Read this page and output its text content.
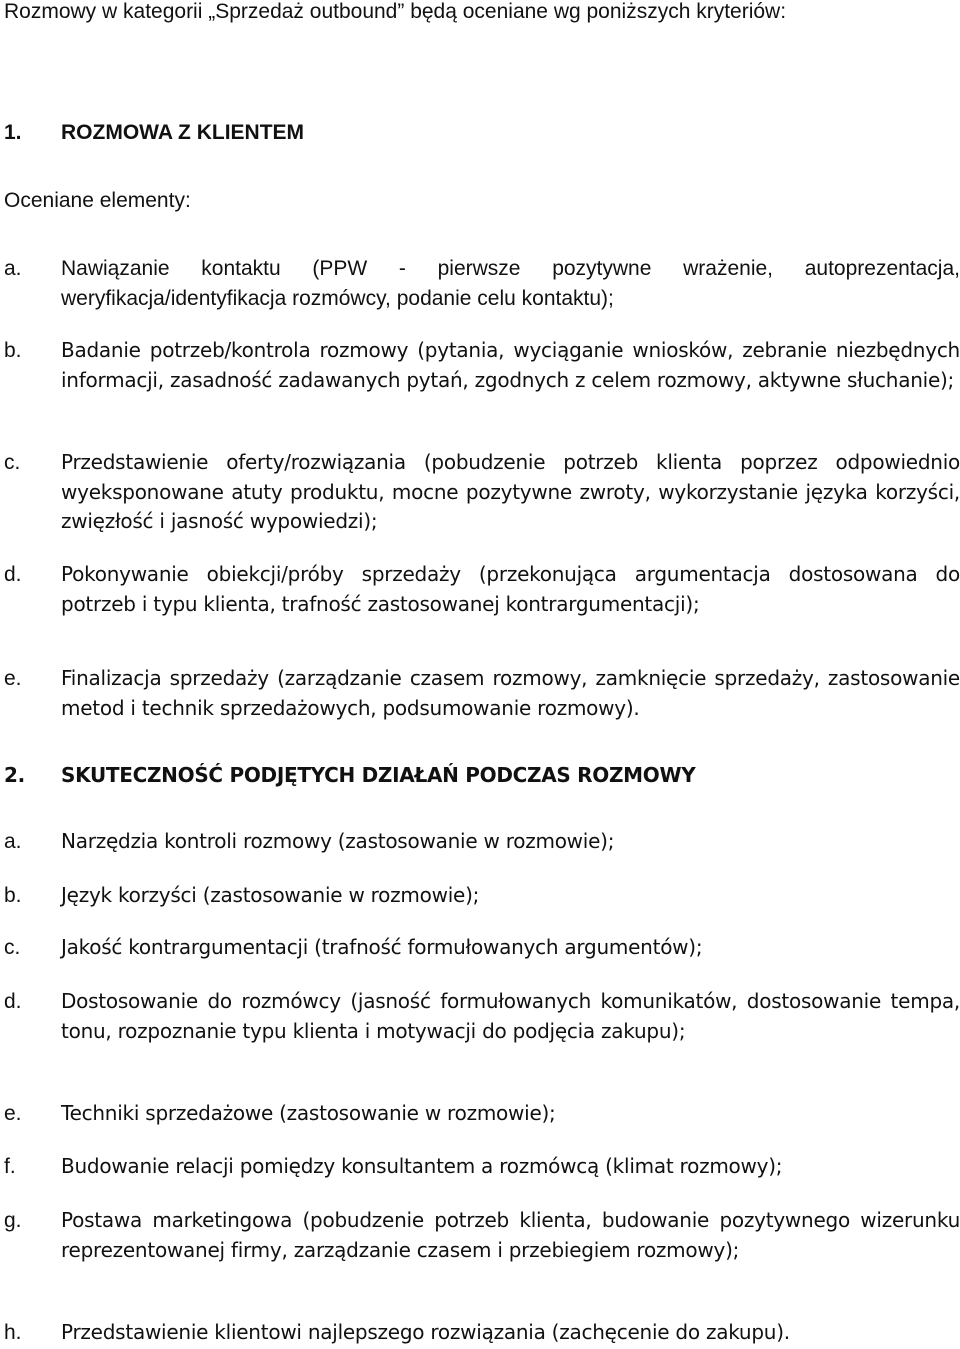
Rozmowy w kategorii „Sprzedaż outbound” będą oceniane wg poniższych kryteriów:

1. ROZMOWA Z KLIENTEM

Oceniane elementy:

a.	Nawiązanie kontaktu (PPW - pierwsze pozytywne wrażenie, autoprezentacja, weryfikacja/identyfikacja rozmówcy, podanie celu kontaktu);
b.	Badanie potrzeb/kontrola rozmowy (pytania, wyciąganie wniosków, zebranie niezbędnych informacji, zasadność zadawanych pytań, zgodnych z celem rozmowy, aktywne słuchanie);
c.	Przedstawienie oferty/rozwiązania (pobudzenie potrzeb klienta poprzez odpowiednio wyeksponowane atuty produktu, mocne pozytywne zwroty, wykorzystanie języka korzyści, zwięzłość i jasność wypowiedzi);
d.	Pokonywanie obiekcji/próby sprzedaży (przekonująca argumentacja dostosowana do potrzeb i typu klienta, trafność zastosowanej kontrargumentacji);
e.	Finalizacja sprzedaży (zarządzanie czasem rozmowy, zamknięcie sprzedaży, zastosowanie metod i technik sprzedażowych, podsumowanie rozmowy).
2. SKUTECZNOŚĆ PODJĘTYCH DZIAŁAŃ PODCZAS ROZMOWY
a.	Narzędzia kontroli rozmowy (zastosowanie w rozmowie);
b.	Język korzyści (zastosowanie w rozmowie);
c.	Jakość kontrargumentacji (trafność formułowanych argumentów);
d.	Dostosowanie do rozmówcy (jasność formułowanych komunikatów, dostosowanie tempa, tonu, rozpoznanie typu klienta i motywacji do podjęcia zakupu);
e.	Techniki sprzedażowe (zastosowanie w rozmowie);
f.	Budowanie relacji pomiędzy konsultantem a rozmówcą (klimat rozmowy);
g.	Postawa marketingowa (pobudzenie potrzeb klienta, budowanie pozytywnego wizerunku reprezentowanej firmy, zarządzanie czasem i przebiegiem rozmowy);
h.	Przedstawienie klientowi najlepszego rozwiązania (zachęcenie do zakupu).
